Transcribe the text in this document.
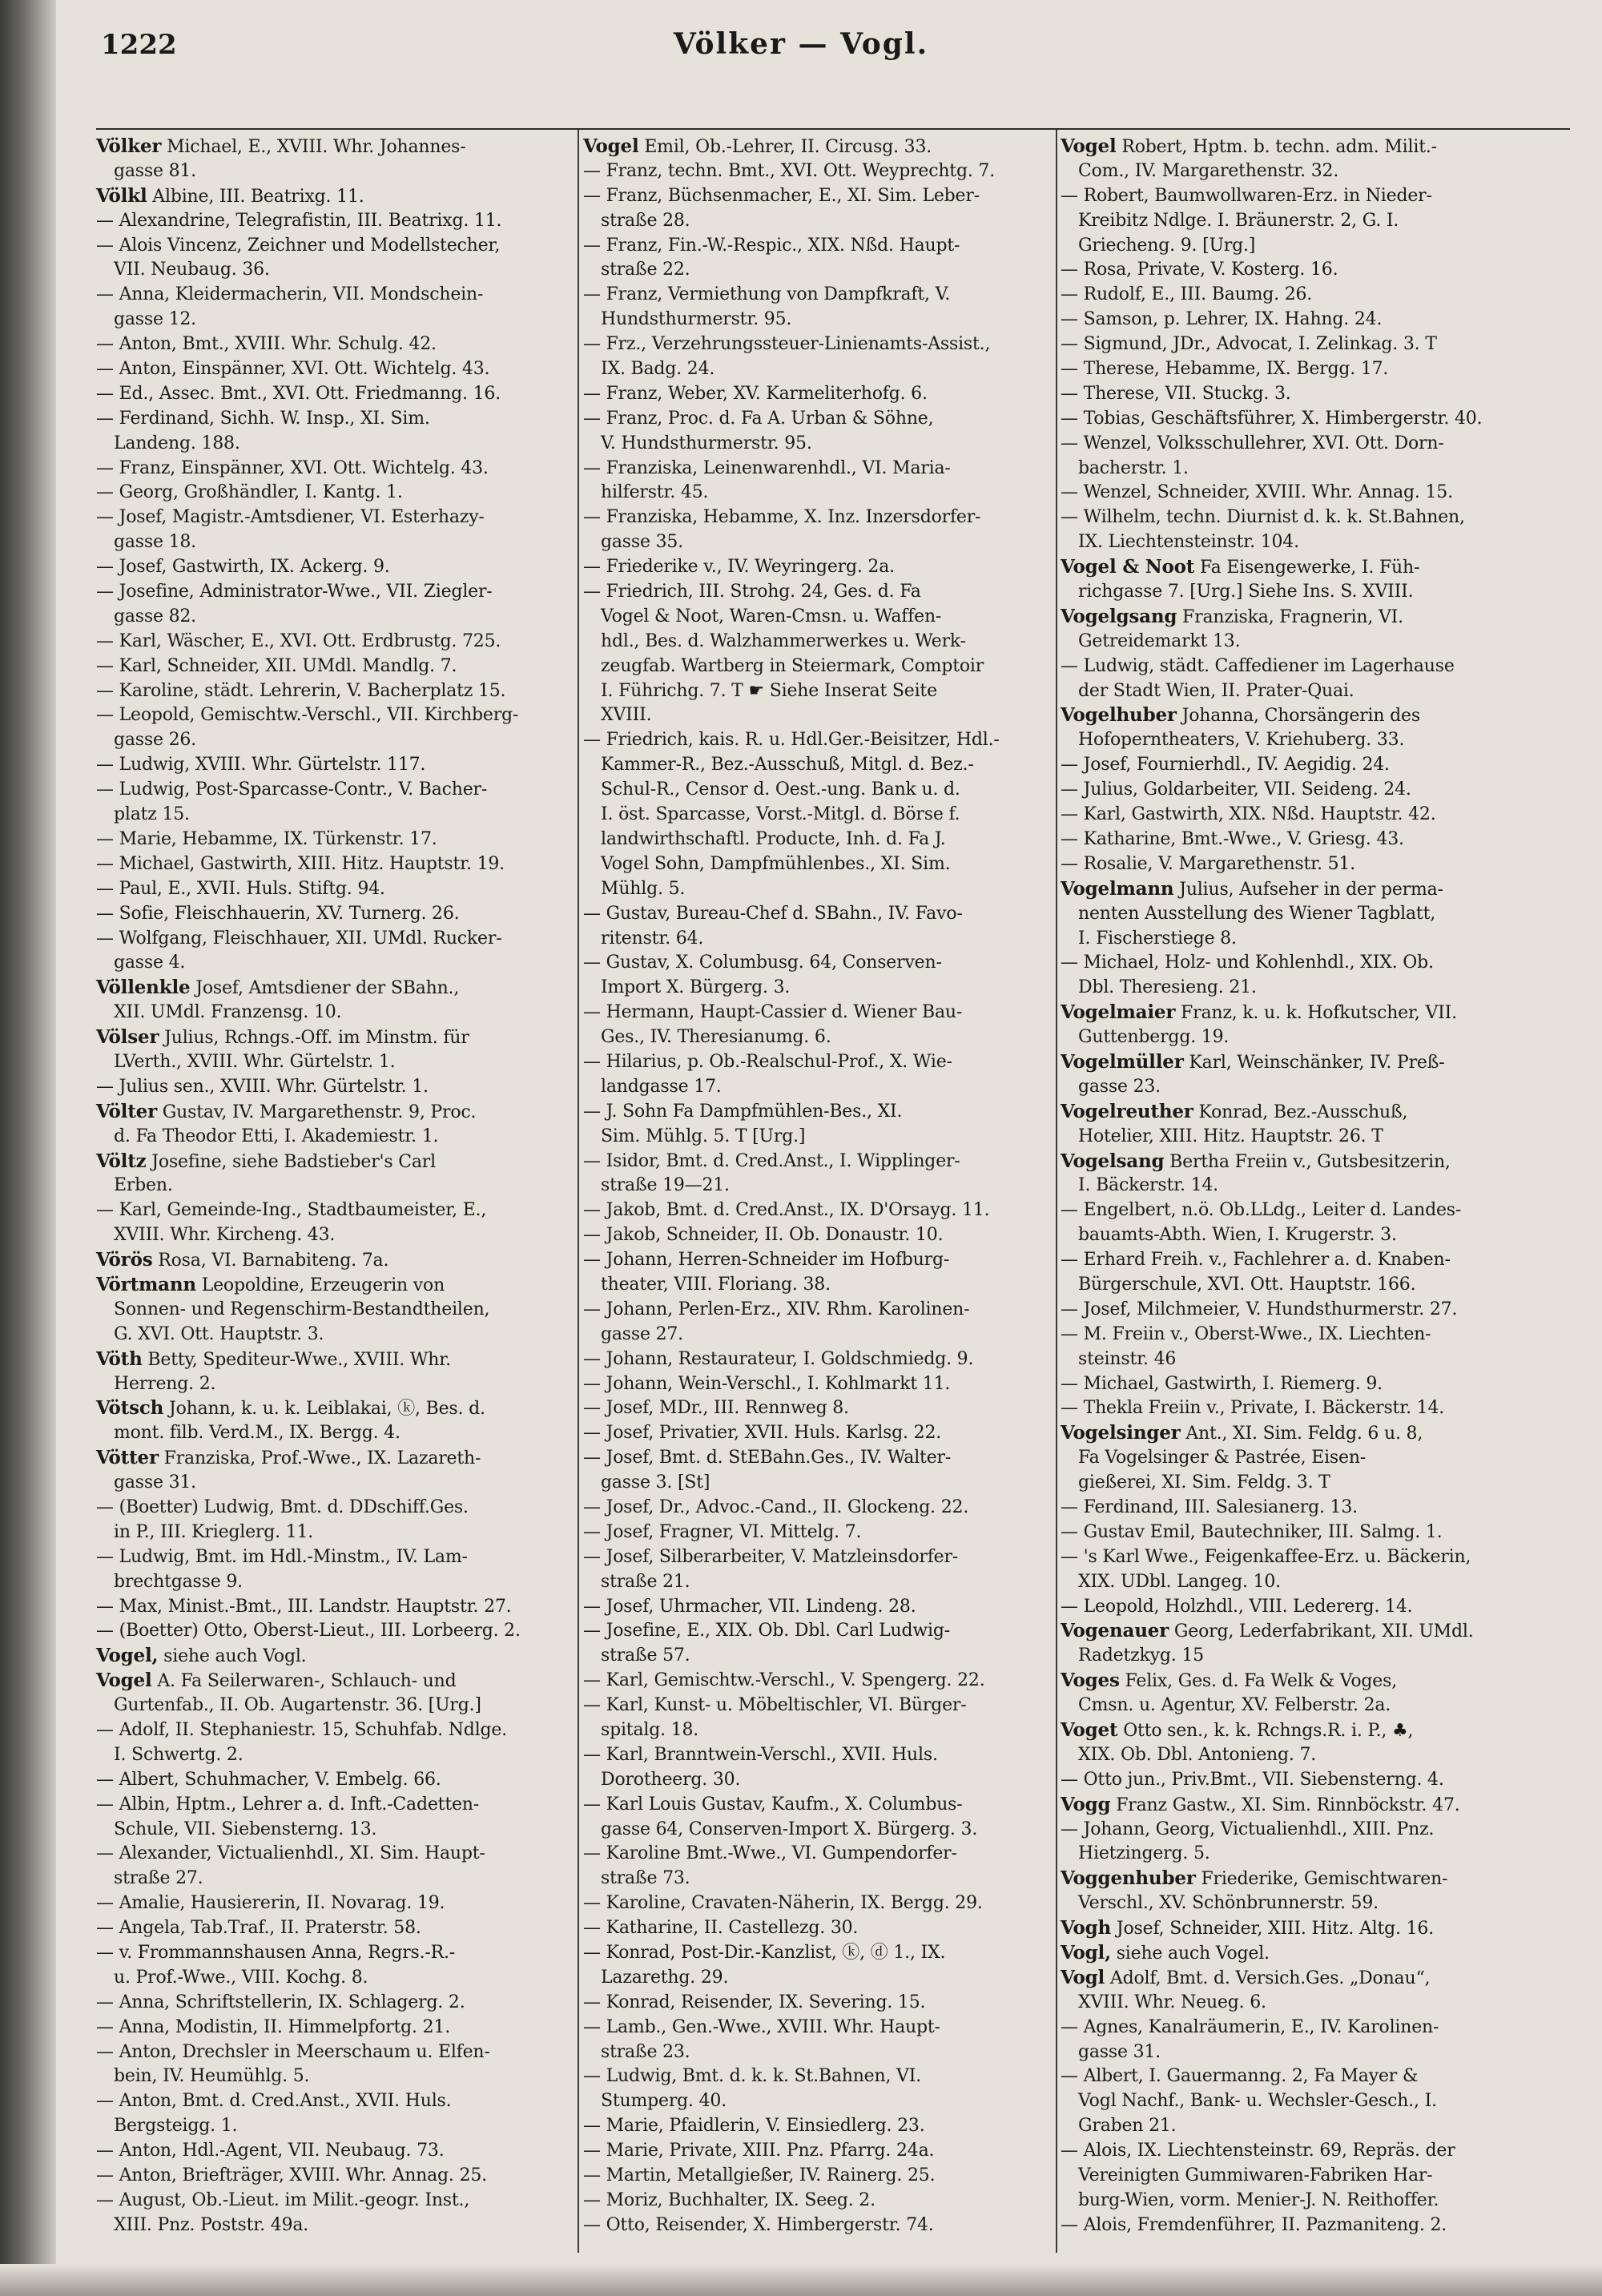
1222	Völker — Vogl.
Völker Michael, E., XVIII. Whr. Johannes-
gasse 81.
Völkl Albine, III. Beatrixg. 11.
— Alexandrine, Telegrafistin, III. Beatrixg. 11.
— Alois Vincenz, Zeichner und Modellstecher,
VII. Neubaug. 36.
— Anna, Kleidermacherin, VII. Mondschein-
gasse 12.
— Anton, Bmt., XVIII. Whr. Schulg. 42.
— Anton, Einspänner, XVI. Ott. Wichtelg. 43.
— Ed., Assec. Bmt., XVI. Ott. Friedmanng. 16.
— Ferdinand, Sichh. W. Insp., XI. Sim.
Landeng. 188.
— Franz, Einspänner, XVI. Ott. Wichtelg. 43.
— Georg, Großhändler, I. Kantg. 1.
— Josef, Magistr.-Amtsdiener, VI. Esterhazy-
gasse 18.
— Josef, Gastwirth, IX. Ackerg. 9.
— Josefine, Administrator-Wwe., VII. Ziegler-
gasse 82.
— Karl, Wäscher, E., XVI. Ott. Erdbrustg. 725.
— Karl, Schneider, XII. UMdl. Mandlg. 7.
— Karoline, städt. Lehrerin, V. Bacherplatz 15.
— Leopold, Gemischtw.-Verschl., VII. Kirchberg-
gasse 26.
— Ludwig, XVIII. Whr. Gürtelstr. 117.
— Ludwig, Post-Sparcasse-Contr., V. Bacher-
platz 15.
— Marie, Hebamme, IX. Türkenstr. 17.
— Michael, Gastwirth, XIII. Hitz. Hauptstr. 19.
— Paul, E., XVII. Huls. Stiftg. 94.
— Sofie, Fleischhauerin, XV. Turnerg. 26.
— Wolfgang, Fleischhauer, XII. UMdl. Rucker-
gasse 4.
Völlenkle Josef, Amtsdiener der SBahn.,
XII. UMdl. Franzensg. 10.
Völser Julius, Rchngs.-Off. im Minstm. für
LVerth., XVIII. Whr. Gürtelstr. 1.
— Julius sen., XVIII. Whr. Gürtelstr. 1.
Völter Gustav, IV. Margarethenstr. 9, Proc.
d. Fa Theodor Etti, I. Akademiestr. 1.
Völtz Josefine, siehe Badstieber's Carl
Erben.
— Karl, Gemeinde-Ing., Stadtbaumeister, E.,
XVIII. Whr. Kircheng. 43.
Vörös Rosa, VI. Barnabiteng. 7a.
Vörtmann Leopoldine, Erzeugerin von
Sonnen- und Regenschirm-Bestandtheilen,
G. XVI. Ott. Hauptstr. 3.
Vöth Betty, Spediteur-Wwe., XVIII. Whr.
Herreng. 2.
Vötsch Johann, k. u. k. Leiblakai, ⓚ, Bes. d.
mont. filb. Verd.M., IX. Bergg. 4.
Vötter Franziska, Prof.-Wwe., IX. Lazareth-
gasse 31.
— (Boetter) Ludwig, Bmt. d. DDschiff.Ges.
in P., III. Krieglerg. 11.
— Ludwig, Bmt. im Hdl.-Minstm., IV. Lam-
brechtgasse 9.
— Max, Minist.-Bmt., III. Landstr. Hauptstr. 27.
— (Boetter) Otto, Oberst-Lieut., III. Lorbeerg. 2.
Vogel, siehe auch Vogl.
Vogel A. Fa Seilerwaren-, Schlauch- und
Gurtenfab., II. Ob. Augartenstr. 36. [Urg.]
— Adolf, II. Stephaniestr. 15, Schuhfab. Ndlge.
I. Schwertg. 2.
— Albert, Schuhmacher, V. Embelg. 66.
— Albin, Hptm., Lehrer a. d. Inft.-Cadetten-
Schule, VII. Siebensterng. 13.
— Alexander, Victualienhdl., XI. Sim. Haupt-
straße 27.
— Amalie, Hausiererin, II. Novarag. 19.
— Angela, Tab.Traf., II. Praterstr. 58.
— v. Frommannshausen Anna, Regrs.-R.-
u. Prof.-Wwe., VIII. Kochg. 8.
— Anna, Schriftstellerin, IX. Schlagerg. 2.
— Anna, Modistin, II. Himmelpfortg. 21.
— Anton, Drechsler in Meerschaum u. Elfen-
bein, IV. Heumühlg. 5.
— Anton, Bmt. d. Cred.Anst., XVII. Huls.
Bergsteigg. 1.
— Anton, Hdl.-Agent, VII. Neubaug. 73.
— Anton, Briefträger, XVIII. Whr. Annag. 25.
— August, Ob.-Lieut. im Milit.-geogr. Inst.,
XIII. Pnz. Poststr. 49a.
Vogel Emil, Ob.-Lehrer, II. Circusg. 33.
— Franz, techn. Bmt., XVI. Ott. Weyprechtg. 7.
— Franz, Büchsenmacher, E., XI. Sim. Leber-
straße 28.
— Franz, Fin.-W.-Respic., XIX. Nßd. Haupt-
straße 22.
— Franz, Vermiethung von Dampfkraft, V.
Hundsthurmerstr. 95.
— Frz., Verzehrungssteuer-Linienamts-Assist.,
IX. Badg. 24.
— Franz, Weber, XV. Karmeliterhofg. 6.
— Franz, Proc. d. Fa A. Urban & Söhne,
V. Hundsthurmerstr. 95.
— Franziska, Leinenwarenhdl., VI. Maria-
hilferstr. 45.
— Franziska, Hebamme, X. Inz. Inzersdorfer-
gasse 35.
— Friederike v., IV. Weyringerg. 2a.
— Friedrich, III. Strohg. 24, Ges. d. Fa
Vogel & Noot, Waren-Cmsn. u. Waffen-
hdl., Bes. d. Walzhammerwerkes u. Werk-
zeugfab. Wartberg in Steiermark, Comptoir
I. Führichg. 7. T ☛ Siehe Inserat Seite
XVIII.
— Friedrich, kais. R. u. Hdl.Ger.-Beisitzer, Hdl.-
Kammer-R., Bez.-Ausschuß, Mitgl. d. Bez.-
Schul-R., Censor d. Oest.-ung. Bank u. d.
I. öst. Sparcasse, Vorst.-Mitgl. d. Börse f.
landwirthschaftl. Producte, Inh. d. Fa J.
Vogel Sohn, Dampfmühlenbes., XI. Sim.
Mühlg. 5.
— Gustav, Bureau-Chef d. SBahn., IV. Favo-
ritenstr. 64.
— Gustav, X. Columbusg. 64, Conserven-
Import X. Bürgerg. 3.
— Hermann, Haupt-Cassier d. Wiener Bau-
Ges., IV. Theresianumg. 6.
— Hilarius, p. Ob.-Realschul-Prof., X. Wie-
landgasse 17.
— J. Sohn Fa Dampfmühlen-Bes., XI.
Sim. Mühlg. 5. T [Urg.]
— Isidor, Bmt. d. Cred.Anst., I. Wipplinger-
straße 19—21.
— Jakob, Bmt. d. Cred.Anst., IX. D'Orsayg. 11.
— Jakob, Schneider, II. Ob. Donaustr. 10.
— Johann, Herren-Schneider im Hofburg-
theater, VIII. Floriang. 38.
— Johann, Perlen-Erz., XIV. Rhm. Karolinen-
gasse 27.
— Johann, Restaurateur, I. Goldschmiedg. 9.
— Johann, Wein-Verschl., I. Kohlmarkt 11.
— Josef, MDr., III. Rennweg 8.
— Josef, Privatier, XVII. Huls. Karlsg. 22.
— Josef, Bmt. d. StEBahn.Ges., IV. Walter-
gasse 3. [St]
— Josef, Dr., Advoc.-Cand., II. Glockeng. 22.
— Josef, Fragner, VI. Mittelg. 7.
— Josef, Silberarbeiter, V. Matzleinsdorfer-
straße 21.
— Josef, Uhrmacher, VII. Lindeng. 28.
— Josefine, E., XIX. Ob. Dbl. Carl Ludwig-
straße 57.
— Karl, Gemischtw.-Verschl., V. Spengerg. 22.
— Karl, Kunst- u. Möbeltischler, VI. Bürger-
spitalg. 18.
— Karl, Branntwein-Verschl., XVII. Huls.
Dorotheerg. 30.
— Karl Louis Gustav, Kaufm., X. Columbus-
gasse 64, Conserven-Import X. Bürgerg. 3.
— Karoline Bmt.-Wwe., VI. Gumpendorfer-
straße 73.
— Karoline, Cravaten-Näherin, IX. Bergg. 29.
— Katharine, II. Castellezg. 30.
— Konrad, Post-Dir.-Kanzlist, ⓚ, ⓓ 1., IX.
Lazarethg. 29.
— Konrad, Reisender, IX. Severing. 15.
— Lamb., Gen.-Wwe., XVIII. Whr. Haupt-
straße 23.
— Ludwig, Bmt. d. k. k. St.Bahnen, VI.
Stumperg. 40.
— Marie, Pfaidlerin, V. Einsiedlerg. 23.
— Marie, Private, XIII. Pnz. Pfarrg. 24a.
— Martin, Metallgießer, IV. Rainerg. 25.
— Moriz, Buchhalter, IX. Seeg. 2.
— Otto, Reisender, X. Himbergerstr. 74.
Vogel Robert, Hptm. b. techn. adm. Milit.-
Com., IV. Margarethenstr. 32.
— Robert, Baumwollwaren-Erz. in Nieder-
Kreibitz Ndlge. I. Bräunerstr. 2, G. I.
Griecheng. 9. [Urg.]
— Rosa, Private, V. Kosterg. 16.
— Rudolf, E., III. Baumg. 26.
— Samson, p. Lehrer, IX. Hahng. 24.
— Sigmund, JDr., Advocat, I. Zelinkag. 3. T
— Therese, Hebamme, IX. Bergg. 17.
— Therese, VII. Stuckg. 3.
— Tobias, Geschäftsführer, X. Himbergerstr. 40.
— Wenzel, Volksschullehrer, XVI. Ott. Dorn-
bacherstr. 1.
— Wenzel, Schneider, XVIII. Whr. Annag. 15.
— Wilhelm, techn. Diurnist d. k. k. St.Bahnen,
IX. Liechtensteinstr. 104.
Vogel & Noot Fa Eisengewerke, I. Füh-
richgasse 7. [Urg.] Siehe Ins. S. XVIII.
Vogelgsang Franziska, Fragnerin, VI.
Getreidemarkt 13.
— Ludwig, städt. Caffediener im Lagerhause
der Stadt Wien, II. Prater-Quai.
Vogelhuber Johanna, Chorsängerin des
Hofoperntheaters, V. Kriehuberg. 33.
— Josef, Fournierhdl., IV. Aegidig. 24.
— Julius, Goldarbeiter, VII. Seideng. 24.
— Karl, Gastwirth, XIX. Nßd. Hauptstr. 42.
— Katharine, Bmt.-Wwe., V. Griesg. 43.
— Rosalie, V. Margarethenstr. 51.
Vogelmann Julius, Aufseher in der perma-
nenten Ausstellung des Wiener Tagblatt,
I. Fischerstiege 8.
— Michael, Holz- und Kohlenhdl., XIX. Ob.
Dbl. Theresieng. 21.
Vogelmaier Franz, k. u. k. Hofkutscher, VII.
Guttenbergg. 19.
Vogelmüller Karl, Weinschänker, IV. Preß-
gasse 23.
Vogelreuther Konrad, Bez.-Ausschuß,
Hotelier, XIII. Hitz. Hauptstr. 26. T
Vogelsang Bertha Freiin v., Gutsbesitzerin,
I. Bäckerstr. 14.
— Engelbert, n.ö. Ob.LLdg., Leiter d. Landes-
bauamts-Abth. Wien, I. Krugerstr. 3.
— Erhard Freih. v., Fachlehrer a. d. Knaben-
Bürgerschule, XVI. Ott. Hauptstr. 166.
— Josef, Milchmeier, V. Hundsthurmerstr. 27.
— M. Freiin v., Oberst-Wwe., IX. Liechten-
steinstr. 46
— Michael, Gastwirth, I. Riemerg. 9.
— Thekla Freiin v., Private, I. Bäckerstr. 14.
Vogelsinger Ant., XI. Sim. Feldg. 6 u. 8,
Fa Vogelsinger & Pastrée, Eisen-
gießerei, XI. Sim. Feldg. 3. T
— Ferdinand, III. Salesianerg. 13.
— Gustav Emil, Bautechniker, III. Salmg. 1.
— 's Karl Wwe., Feigenkaffee-Erz. u. Bäckerin,
XIX. UDbl. Langeg. 10.
— Leopold, Holzhdl., VIII. Ledererg. 14.
Vogenauer Georg, Lederfabrikant, XII. UMdl.
Radetzkyg. 15
Voges Felix, Ges. d. Fa Welk & Voges,
Cmsn. u. Agentur, XV. Felberstr. 2a.
Voget Otto sen., k. k. Rchngs.R. i. P., ♣,
XIX. Ob. Dbl. Antonieng. 7.
— Otto jun., Priv.Bmt., VII. Siebensterng. 4.
Vogg Franz Gastw., XI. Sim. Rinnböckstr. 47.
— Johann, Georg, Victualienhdl., XIII. Pnz.
Hietzingerg. 5.
Voggenhuber Friederike, Gemischtwaren-
Verschl., XV. Schönbrunnerstr. 59.
Vogh Josef, Schneider, XIII. Hitz. Altg. 16.
Vogl, siehe auch Vogel.
Vogl Adolf, Bmt. d. Versich.Ges. „Donau“,
XVIII. Whr. Neueg. 6.
— Agnes, Kanalräumerin, E., IV. Karolinen-
gasse 31.
— Albert, I. Gauermanng. 2, Fa Mayer &
Vogl Nachf., Bank- u. Wechsler-Gesch., I.
Graben 21.
— Alois, IX. Liechtensteinstr. 69, Repräs. der
Vereinigten Gummiwaren-Fabriken Har-
burg-Wien, vorm. Menier-J. N. Reithoffer.
— Alois, Fremdenführer, II. Pazmaniteng. 2.
